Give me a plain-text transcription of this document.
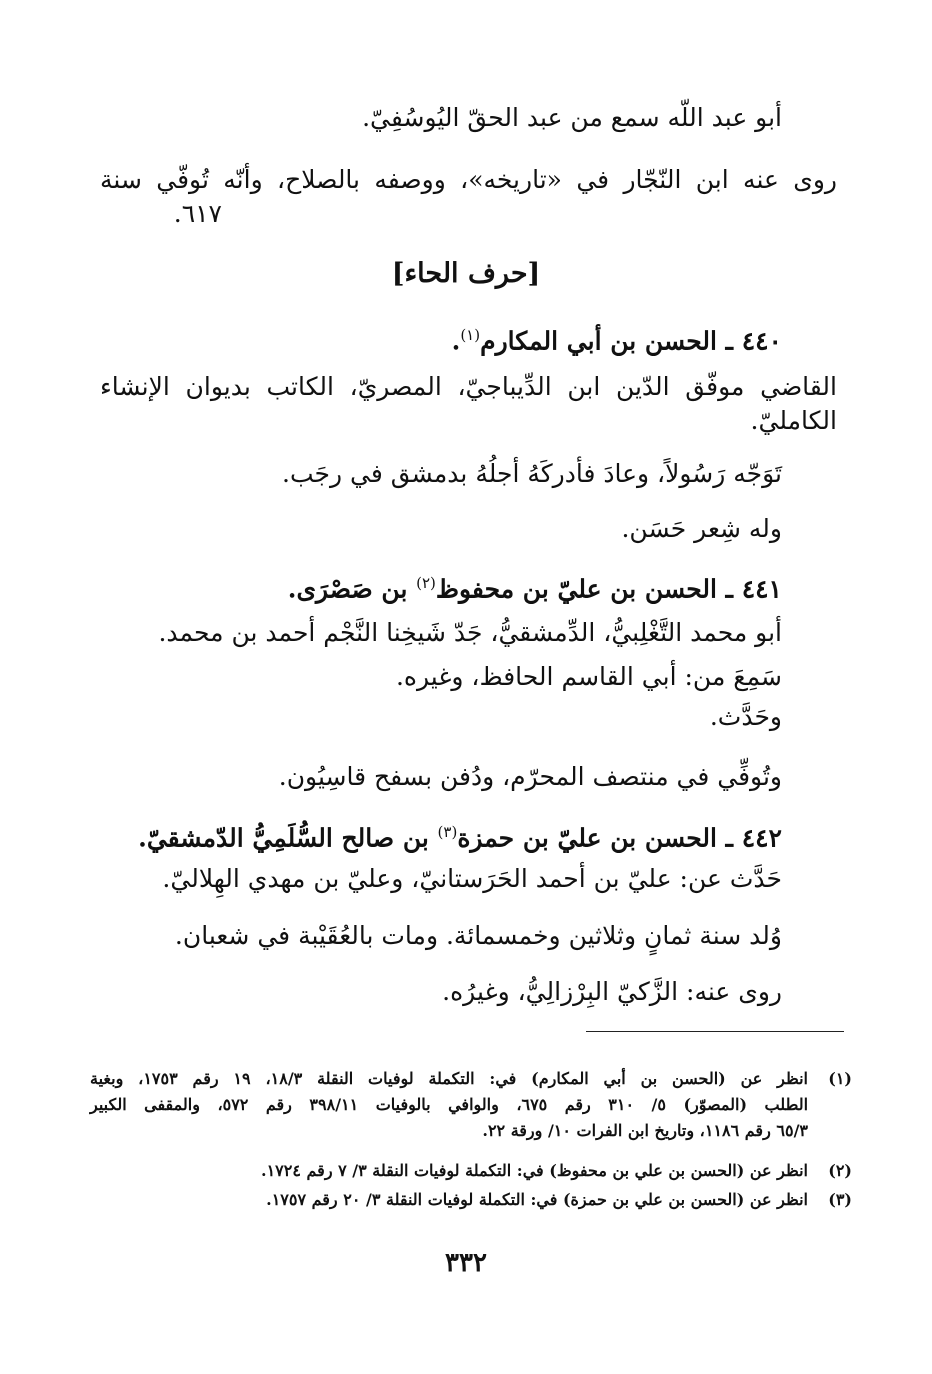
أبو عبد اللّه سمع من عبد الحقّ اليُوسُفِيّ.
روى عنه ابن النّجّار في «تاريخه»، ووصفه بالصلاح، وأنّه تُوفّي سنة
٦١٧.
[حرف الحاء]
٤٤٠ ـ الحسن بن أبي المكارم$^{(١)}$.
القاضي موفّق الدّين ابن الدِّيباجيّ، المصريّ، الكاتب بديوان الإنشاء
الكامليّ.
تَوَجّه رَسُولاً، وعادَ فأدركَهُ أجلُهُ بدمشق في رجَب.
وله شِعر حَسَن.
٤٤١ ـ الحسن بن عليّ بن محفوظ$^{(٢)}$ بن صَصْرَى.
أبو محمد التَّغْلِبيُّ، الدِّمشقيُّ، جَدّ شَيخِنا النَّجْم أحمد بن محمد.
سَمِعَ من: أبي القاسم الحافظ، وغيره.
وحَدَّث.
وتُوفِّي في منتصف المحرّم، ودُفن بسفح قاسِيُون.
٤٤٢ ـ الحسن بن عليّ بن حمزة$^{(٣)}$ بن صالح السُّلَمِيُّ الدّمشقيّ.
حَدَّث عن: عليّ بن أحمد الحَرَستانيّ، وعليّ بن مهدي الهِلاليّ.
وُلد سنة ثمانٍ وثلاثين وخمسمائة. ومات بالعُقَيْبة في شعبان.
روى عنه: الزَّكيّ البِرْزالِيُّ، وغيرُه.
(١)
انظر عن (الحسن بن أبي المكارم) في: التكملة لوفيات النقلة ١٨/٣، ١٩ رقم ١٧٥٣، وبغية
الطلب (المصوّر) ٥/ ٣١٠ رقم ٦٧٥، والوافي بالوفيات ٣٩٨/١١ رقم ٥٧٢، والمقفى الكبير
٦٥/٣ رقم ١١٨٦، وتاريخ ابن الفرات ١٠/ ورقة ٢٢.
(٢)
انظر عن (الحسن بن علي بن محفوظ) في: التكملة لوفيات النقلة ٣/ ٧ رقم ١٧٢٤.
(٣)
انظر عن (الحسن بن علي بن حمزة) في: التكملة لوفيات النقلة ٣/ ٢٠ رقم ١٧٥٧.
٣٣٢
